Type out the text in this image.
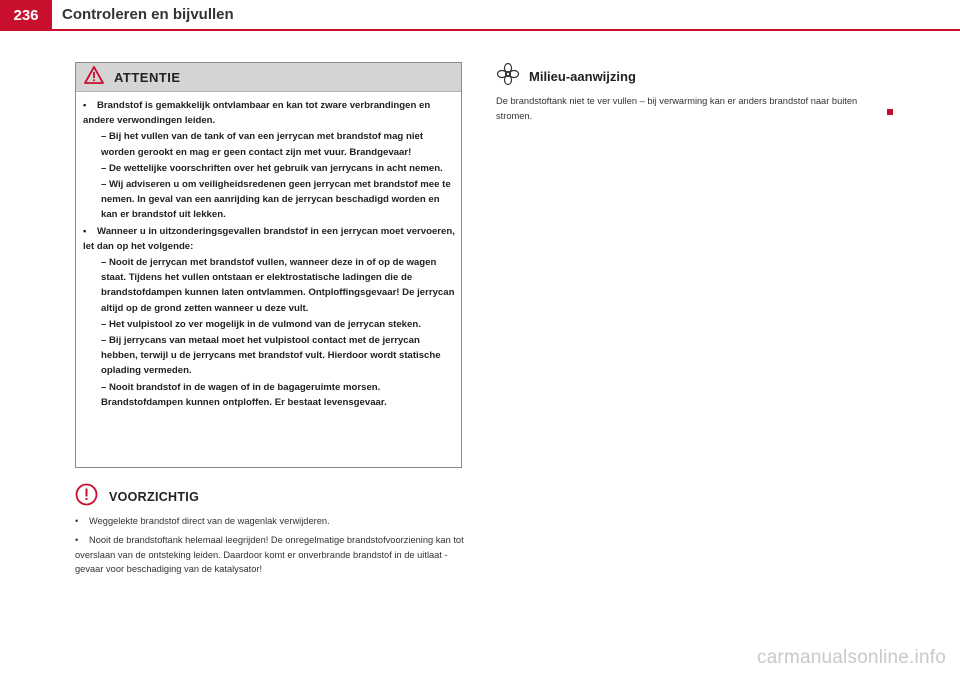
236	Controleren en bijvullen
ATTENTIE

• Brandstof is gemakkelijk ontvlambaar en kan tot zware verbrandingen en andere verwondingen leiden.

– Bij het vullen van de tank of van een jerrycan met brandstof mag niet worden gerookt en mag er geen contact zijn met vuur. Brandgevaar!

– De wettelijke voorschriften over het gebruik van jerrycans in acht nemen.

– Wij adviseren u om veiligheidsredenen geen jerrycan met brandstof mee te nemen. In geval van een aanrijding kan de jerrycan beschadigd worden en kan er brandstof uit lekken.

• Wanneer u in uitzonderingsgevallen brandstof in een jerrycan moet vervoeren, let dan op het volgende:

– Nooit de jerrycan met brandstof vullen, wanneer deze in of op de wagen staat. Tijdens het vullen ontstaan er elektrostatische ladingen die de brandstofdampen kunnen laten ontvlammen. Ontploffingsgevaar! De jerrycan altijd op de grond zetten wanneer u deze vult.

– Het vulpistool zo ver mogelijk in de vulmond van de jerrycan steken.

– Bij jerrycans van metaal moet het vulpistool contact met de jerrycan hebben, terwijl u de jerrycans met brandstof vult. Hierdoor wordt statische oplading vermeden.

– Nooit brandstof in de wagen of in de bagageruimte morsen. Brandstofdampen kunnen ontploffen. Er bestaat levensgevaar.

VOORZICHTIG

• Weggelekte brandstof direct van de wagenlak verwijderen.

• Nooit de brandstoftank helemaal leegrijden! De onregelmatige brandstofvoorziening kan tot overslaan van de ontsteking leiden. Daardoor komt er onverbrande brandstof in de uitlaat - gevaar voor beschadiging van de katalysator!

Milieu-aanwijzing
De brandstoftank niet te ver vullen – bij verwarming kan er anders brandstof naar buiten stromen.
carmanualsonline.info
